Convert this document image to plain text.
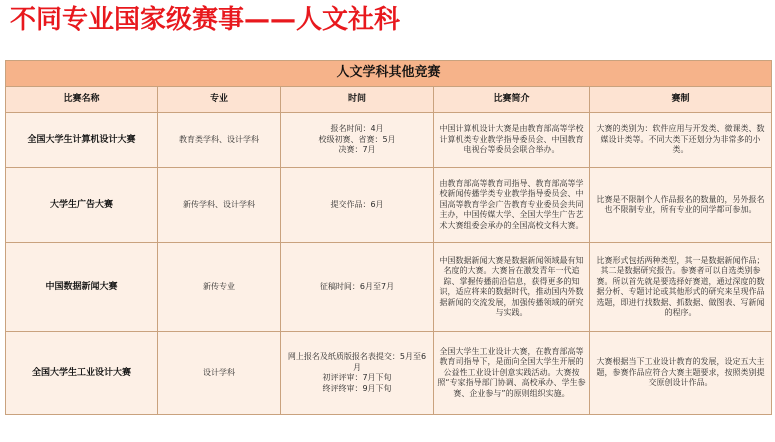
不同专业国家级赛事——人文社科
人文学科其他竞赛				
比赛名称	专业	时间	比赛简介	赛制
全国大学生计算机设计大赛	教育类学科、设计学科	报名时间：4月
校级初赛、省赛：5月
决赛：7月	中国计算机设计大赛是由教育部高等学校计算机类专业教学指导委员会、中国教育电视台等委员会联合举办。	大赛的类别为：软件应用与开发类、微课类、数媒设计类等。不同大类下还划分为非常多的小类。
大学生广告大赛	新传学科、设计学科	提交作品：6月	由教育部高等教育司指导、教育部高等学校新闻传播学类专业教学指导委员会、中国高等教育学会广告教育专业委员会共同主办，中国传媒大学、全国大学生广告艺术大赛组委会承办的全国高校文科大赛。	比赛是不限制个人作品报名的数量的，另外报名也不限制专业，所有专业的同学都可参加。
中国数据新闻大赛	新传专业	征稿时间：6月至7月	中国数据新闻大赛是数据新闻领域最有知名度的大赛。大赛旨在激发青年一代追踪、掌握传播前沿信息，获得更多的知识，适应将来的数据时代，推动国内外数据新闻的交流发展，加强传播领域的研究与实践。	比赛形式包括两种类型，其一是数据新闻作品；其二是数据研究报告。参赛者可以自选类别参赛。所以首先就是要选择好赛道，通过深度的数据分析、专题讨论或其他形式的研究来呈现作品选题，即进行找数据、抓数据、做图表、写新闻的程序。
全国大学生工业设计大赛	设计学科	网上报名及纸质版报名表提交：5月至6月
初评评审：7月下旬
终评终审：9月下旬	全国大学生工业设计大赛，在教育部高等教育司指导下，是面向全国大学生开展的公益性工业设计创意实践活动。大赛按照“专家指导部门协调、高校承办、学生参赛、企业参与”的原则组织实施。	大赛根据当下工业设计教育的发展，设定五大主题，参赛作品应符合大赛主题要求，按照类别提交原创设计作品。
